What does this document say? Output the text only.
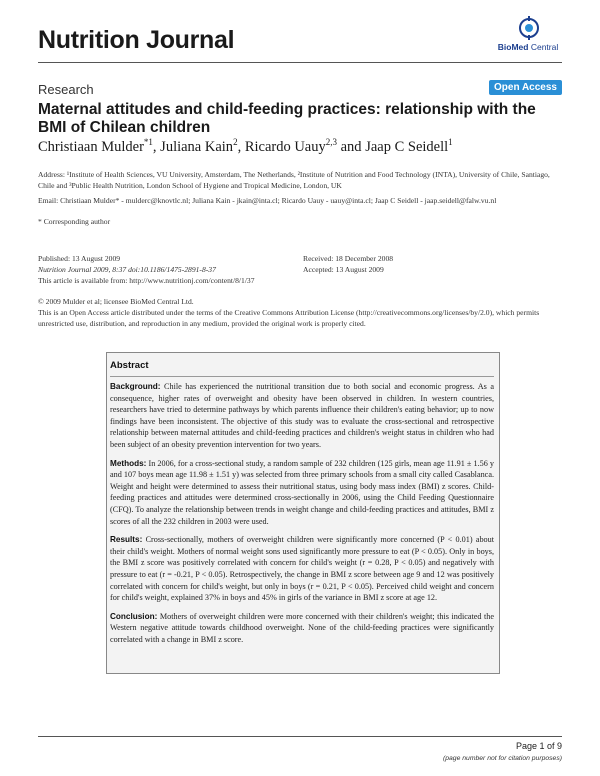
Nutrition Journal	BioMed Central
Research	Open Access
Maternal attitudes and child-feeding practices: relationship with the BMI of Chilean children
Christiaan Mulder$^{*1}$, Juliana Kain$^2$, Ricardo Uauy$^{2,3}$ and Jaap C Seidell$^1$
Address: ¹Institute of Health Sciences, VU University, Amsterdam, The Netherlands, ²Institute of Nutrition and Food Technology (INTA), University of Chile, Santiago, Chile and ³Public Health Nutrition, London School of Hygiene and Tropical Medicine, London, UK
Email: Christiaan Mulder* - mulderc@knovtlc.nl; Juliana Kain - jkain@inta.cl; Ricardo Uauy - uauy@inta.cl; Jaap C Seidell - jaap.seidell@falw.vu.nl
* Corresponding author
Published: 13 August 2009
Nutrition Journal 2009, 8:37 doi:10.1186/1475-2891-8-37
This article is available from: http://www.nutritionj.com/content/8/1/37
Received: 18 December 2008
Accepted: 13 August 2009
© 2009 Mulder et al; licensee BioMed Central Ltd.
This is an Open Access article distributed under the terms of the Creative Commons Attribution License (http://creativecommons.org/licenses/by/2.0), which permits unrestricted use, distribution, and reproduction in any medium, provided the original work is properly cited.
Abstract

Background: Chile has experienced the nutritional transition due to both social and economic progress. As a consequence, higher rates of overweight and obesity have been observed in children. In western countries, researchers have tried to determine pathways by which parents influence their children's eating behavior; up to now findings have been inconsistent. The objective of this study was to evaluate the cross-sectional and retrospective relationship between maternal attitudes and child-feeding practices and children's weight status in children who had been subject of an obesity prevention intervention for two years.

Methods: In 2006, for a cross-sectional study, a random sample of 232 children (125 girls, mean age 11.91 ± 1.56 y and 107 boys mean age 11.98 ± 1.51 y) was selected from three primary schools from a small city called Casablanca. Weight and height were determined to assess their nutritional status, using body mass index (BMI) z scores. Child-feeding practices and attitudes were determined cross-sectionally in 2006, using the Child Feeding Questionnaire (CFQ). To analyze the relationship between trends in weight change and child-feeding practices and attitudes, BMI z scores of all the 232 children in 2003 were used.

Results: Cross-sectionally, mothers of overweight children were significantly more concerned (P < 0.01) about their child's weight. Mothers of normal weight sons used significantly more pressure to eat (P < 0.05). Only in boys, the BMI z score was positively correlated with concern for child's weight (r = 0.28, P < 0.05) and negatively with pressure to eat (r = -0.21, P < 0.05). Retrospectively, the change in BMI z score between age 9 and 12 was positively correlated with concern for child's weight, but only in boys (r = 0.21, P < 0.05). Perceived child weight and concern for child's weight, explained 37% in boys and 45% in girls of the variance in BMI z score at age 12.

Conclusion: Mothers of overweight children were more concerned with their children's weight; this indicated the Western negative attitude towards childhood overweight. None of the child-feeding practices were significantly correlated with a change in BMI z score.

Page 1 of 9
(page number not for citation purposes)
